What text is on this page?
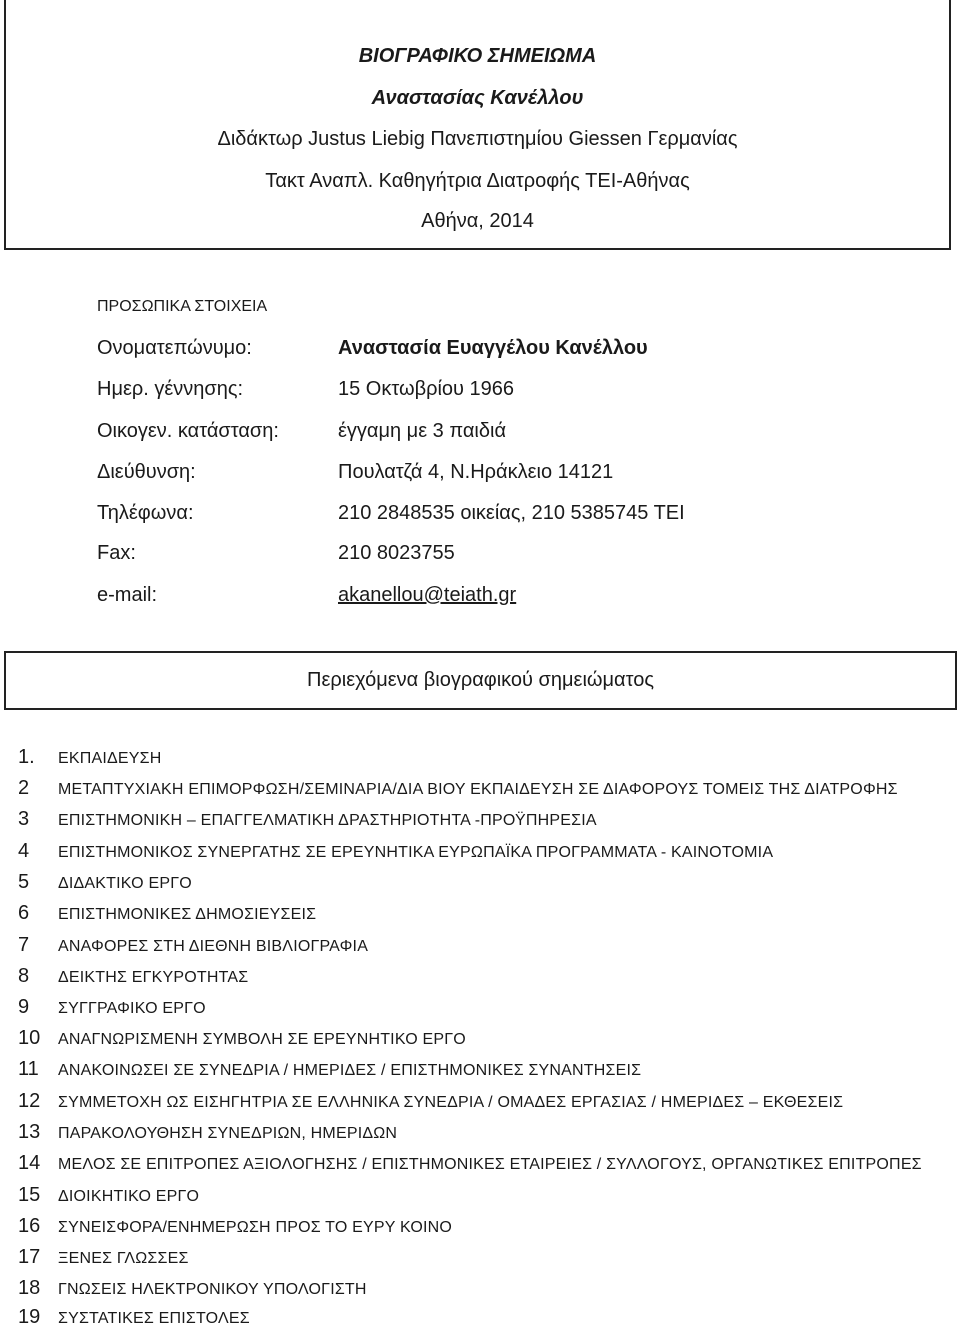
ΒΙΟΓΡΑΦΙΚΟ ΣΗΜΕΙΩΜΑ
Αναστασίας Κανέλλου
Διδάκτωρ Justus Liebig Πανεπιστημίου Giessen Γερμανίας
Τακτ Αναπλ. Καθηγήτρια Διατροφής ΤΕΙ-Αθήνας
Αθήνα, 2014
ΠΡΟΣΩΠΙΚΑ ΣΤΟΙΧΕΙΑ
Ονοματεπώνυμο:	Αναστασία Ευαγγέλου Κανέλλου
Ημερ. γέννησης:	15 Οκτωβρίου 1966
Οικογεν. κατάσταση:	έγγαμη με 3 παιδιά
Διεύθυνση:	Πουλατζά 4, Ν.Ηράκλειο 14121
Τηλέφωνα:	210 2848535 οικείας, 210 5385745 ΤΕΙ
Fax:	210 8023755
e-mail:	akanellou@teiath.gr
Περιεχόμενα βιογραφικού σημειώματος
1. ΕΚΠΑΙΔΕΥΣΗ
2 ΜΕΤΑΠΤΥΧΙΑΚΗ ΕΠΙΜΟΡΦΩΣΗ/ΣΕΜΙΝΑΡΙΑ/ΔΙΑ ΒΙΟΥ ΕΚΠΑΙΔΕΥΣΗ ΣΕ ΔΙΑΦΟΡΟΥΣ ΤΟΜΕΙΣ ΤΗΣ ΔΙΑΤΡΟΦΗΣ
3 ΕΠΙΣΤΗΜΟΝΙΚΗ – ΕΠΑΓΓΕΛΜΑΤΙΚΗ ΔΡΑΣΤΗΡΙΟΤΗΤΑ -ΠΡΟΫΠΗΡΕΣΙΑ
4 ΕΠΙΣΤΗΜΟΝΙΚΟΣ ΣΥΝΕΡΓΑΤΗΣ ΣΕ ΕΡΕΥΝΗΤΙΚΑ ΕΥΡΩΠΑΪΚΑ ΠΡΟΓΡΑΜΜΑΤΑ - ΚΑΙΝΟΤΟΜΙΑ
5 ΔΙΔΑΚΤΙΚΟ ΕΡΓΟ
6 ΕΠΙΣΤΗΜΟΝΙΚΕΣ ΔΗΜΟΣΙΕΥΣΕΙΣ
7 ΑΝΑΦΟΡΕΣ ΣΤΗ ΔΙΕΘΝΗ ΒΙΒΛΙΟΓΡΑΦΙΑ
8 ΔΕΙΚΤΗΣ ΕΓΚΥΡΟΤΗΤΑΣ
9 ΣΥΓΓΡΑΦΙΚΟ ΕΡΓΟ
10 ΑΝΑΓΝΩΡΙΣΜΕΝΗ ΣΥΜΒΟΛΗ ΣΕ ΕΡΕΥΝΗΤΙΚΟ ΕΡΓΟ
11 ΑΝΑΚΟΙΝΩΣΕΙ ΣΕ ΣΥΝΕΔΡΙΑ / ΗΜΕΡΙΔΕΣ / ΕΠΙΣΤΗΜΟΝΙΚΕΣ ΣΥΝΑΝΤΗΣΕΙΣ
12 ΣΥΜΜΕΤΟΧΗ ΩΣ ΕΙΣΗΓΗΤΡΙΑ ΣΕ ΕΛΛΗΝΙΚΑ ΣΥΝΕΔΡΙΑ / ΟΜΑΔΕΣ ΕΡΓΑΣΙΑΣ / ΗΜΕΡΙΔΕΣ – ΕΚΘΕΣΕΙΣ
13 ΠΑΡΑΚΟΛΟΥΘΗΣΗ ΣΥΝΕΔΡΙΩΝ, ΗΜΕΡΙΔΩΝ
14 ΜΕΛΟΣ ΣΕ ΕΠΙΤΡΟΠΕΣ ΑΞΙΟΛΟΓΗΣΗΣ / ΕΠΙΣΤΗΜΟΝΙΚΕΣ ΕΤΑΙΡΕΙΕΣ / ΣΥΛΛΟΓΟΥΣ, ΟΡΓΑΝΩΤΙΚΕΣ ΕΠΙΤΡΟΠΕΣ
15 ΔΙΟΙΚΗΤΙΚΟ ΕΡΓΟ
16 ΣΥΝΕΙΣΦΟΡΑ/ΕΝΗΜΕΡΩΣΗ ΠΡΟΣ ΤΟ ΕΥΡΥ ΚΟΙΝΟ
17 ΞΕΝΕΣ ΓΛΩΣΣΕΣ
18 ΓΝΩΣΕΙΣ ΗΛΕΚΤΡΟΝΙΚΟΥ ΥΠΟΛΟΓΙΣΤΗ
19 ΣΥΣΤΑΤΙΚΕΣ ΕΠΙΣΤΟΛΕΣ
